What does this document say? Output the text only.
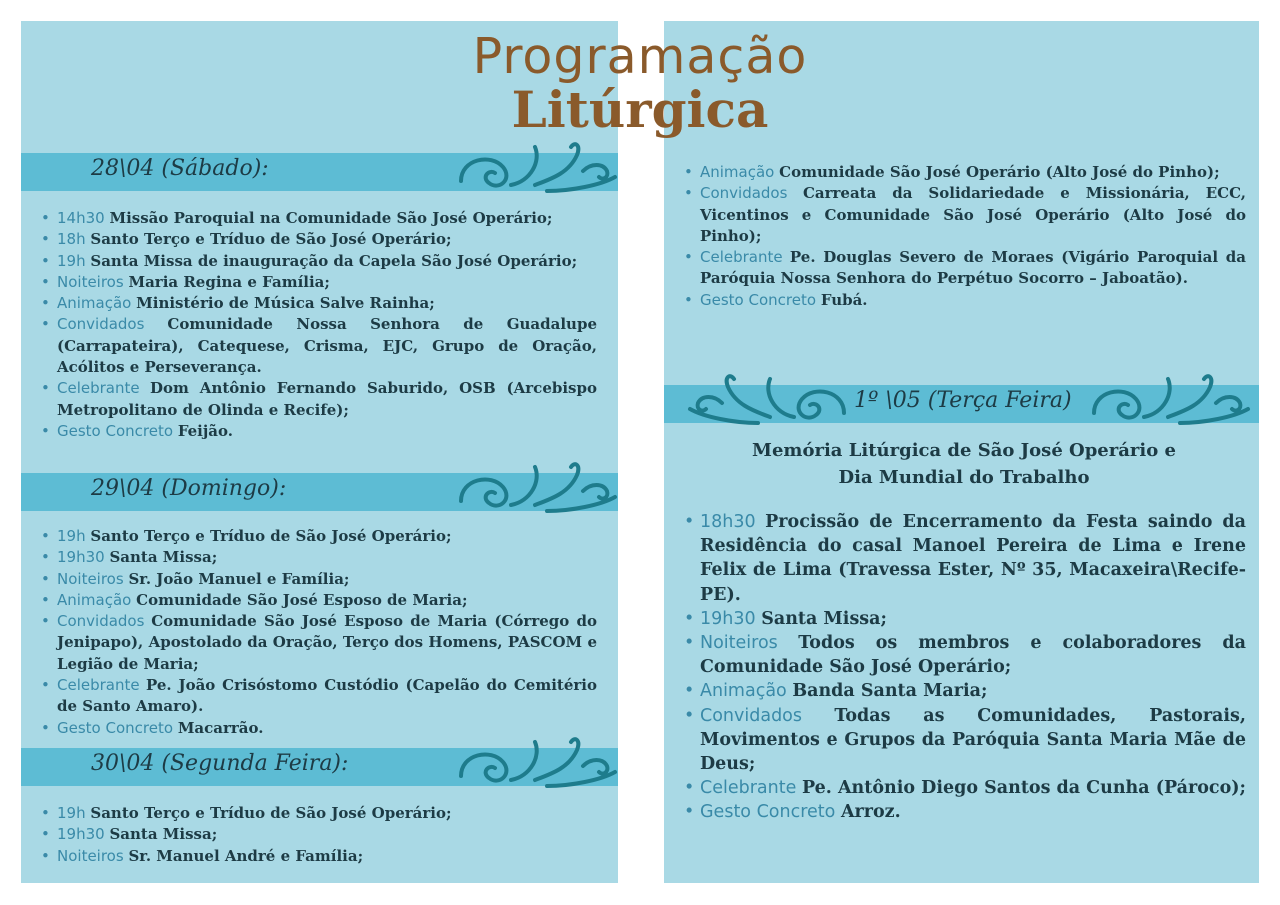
Programação
Litúrgica
28\04 (Sábado):
• 14h30 Missão Paroquial na Comunidade São José Operário;
• 18h Santo Terço e Tríduo de São José Operário;
• 19h Santa Missa de inauguração da Capela São José Operário;
• Noiteiros Maria Regina e Família;
• Animação Ministério de Música Salve Rainha;
• Convidados Comunidade Nossa Senhora de Guadalupe (Carrapateira), Catequese, Crisma, EJC, Grupo de Oração, Acólitos e Perseverança.
• Celebrante Dom Antônio Fernando Saburido, OSB (Arcebispo Metropolitano de Olinda e Recife);
• Gesto Concreto Feijão.
29\04 (Domingo):
• 19h Santo Terço e Tríduo de São José Operário;
• 19h30 Santa Missa;
• Noiteiros Sr. João Manuel e Família;
• Animação Comunidade São José Esposo de Maria;
• Convidados Comunidade São José Esposo de Maria (Córrego do Jenipapo), Apostolado da Oração, Terço dos Homens, PASCOM e Legião de Maria;
• Celebrante Pe. João Crisóstomo Custódio (Capelão do Cemitério de Santo Amaro).
• Gesto Concreto Macarrão.
30\04 (Segunda Feira):
• 19h Santo Terço e Tríduo de São José Operário;
• 19h30 Santa Missa;
• Noiteiros Sr. Manuel André e Família;
• Animação Comunidade São José Operário (Alto José do Pinho);
• Convidados Carreata da Solidariedade e Missionária, ECC, Vicentinos e Comunidade São José Operário (Alto José do Pinho);
• Celebrante Pe. Douglas Severo de Moraes (Vigário Paroquial da Paróquia Nossa Senhora do Perpétuo Socorro – Jaboatão).
• Gesto Concreto Fubá.
1º \05 (Terça Feira)
Memória Litúrgica de São José Operário e
Dia Mundial do Trabalho
• 18h30 Procissão de Encerramento da Festa saindo da Residência do casal Manoel Pereira de Lima e Irene Felix de Lima (Travessa Ester, Nº 35, Macaxeira\Recife-PE).
• 19h30 Santa Missa;
• Noiteiros Todos os membros e colaboradores da Comunidade São José Operário;
• Animação Banda Santa Maria;
• Convidados Todas as Comunidades, Pastorais, Movimentos e Grupos da Paróquia Santa Maria Mãe de Deus;
• Celebrante Pe. Antônio Diego Santos da Cunha (Pároco);
• Gesto Concreto Arroz.
